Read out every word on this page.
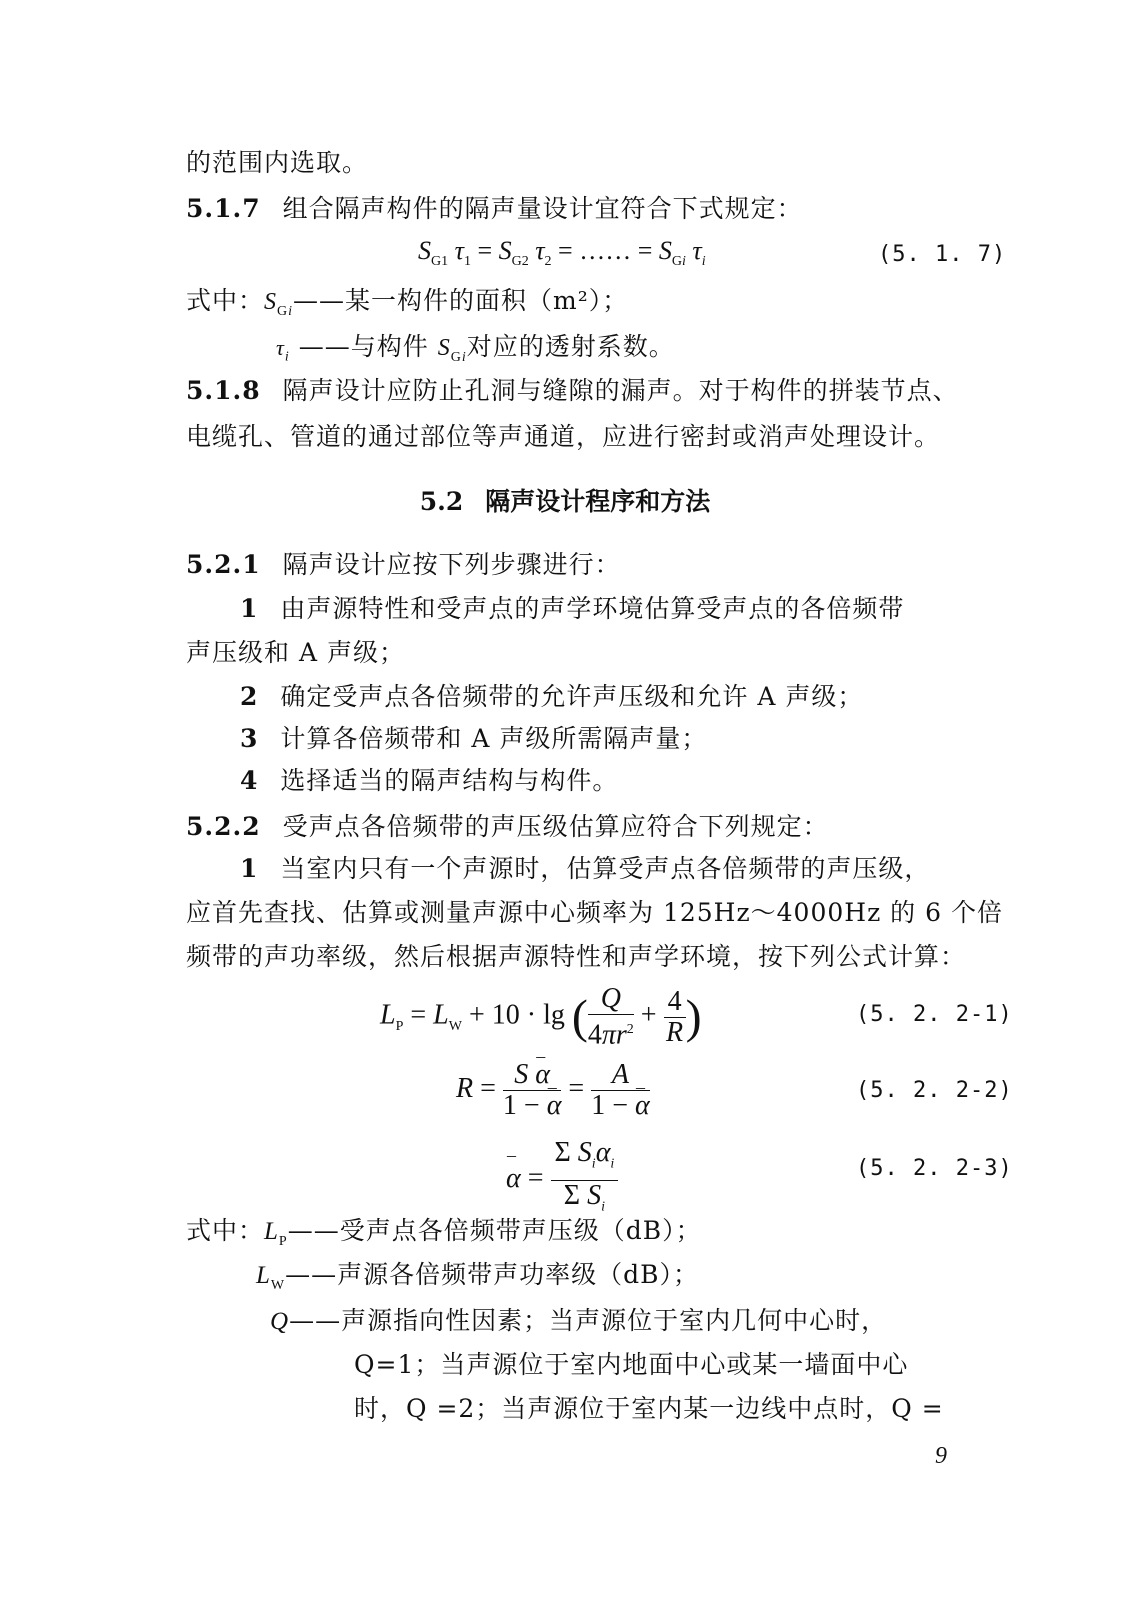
的范围内选取。
5.1.7 组合隔声构件的隔声量设计宜符合下式规定：
$S_{G1}$ $\tau_1 = S_{G2}$ $\tau_2$ = …… = $S_{Gi}$ $\tau_i$	(5. 1. 7)
式中：$S_{Gi}——$某一构件的面积（m²）；
$\tau_i$ ——与构件 $S_{Gi}$对应的透射系数。
5.1.8 隔声设计应防止孔洞与缝隙的漏声。对于构件的拼装节点、
电缆孔、管道的通过部位等声通道，应进行密封或消声处理设计。
5.2 隔声设计程序和方法
5.2.1 隔声设计应按下列步骤进行：
1 由声源特性和受声点的声学环境估算受声点的各倍频带
声压级和 A 声级；
2 确定受声点各倍频带的允许声压级和允许 A 声级；
3 计算各倍频带和 A 声级所需隔声量；
4 选择适当的隔声结构与构件。
5.2.2 受声点各倍频带的声压级估算应符合下列规定：
1 当室内只有一个声源时，估算受声点各倍频带的声压级，
应首先查找、估算或测量声源中心频率为 125Hz～4000Hz 的 6 个倍
频带的声功率级，然后根据声源特性和声学环境，按下列公式计算：
$L_P = L_W + 10 \cdot \lg$ ( $\frac{Q}{4\pi r^2} + \frac{4}{R}$ )	(5. 2. 2-1)
$R = \frac{S - \alpha}{1 - - \alpha} = \frac{A}{1 - - \alpha}$	(5. 2. 2-2)
– $\alpha = \frac{\Sigma S_i\alpha_i}{\Sigma S_i}$	(5. 2. 2-3)
式中：$L_P——$受声点各倍频带声压级（dB）；
$L_W——$声源各倍频带声功率级（dB）；
Q——声源指向性因素；当声源位于室内几何中心时，
Q=1；当声源位于室内地面中心或某一墙面中心
时，Q =2；当声源位于室内某一边线中点时，Q =
9
